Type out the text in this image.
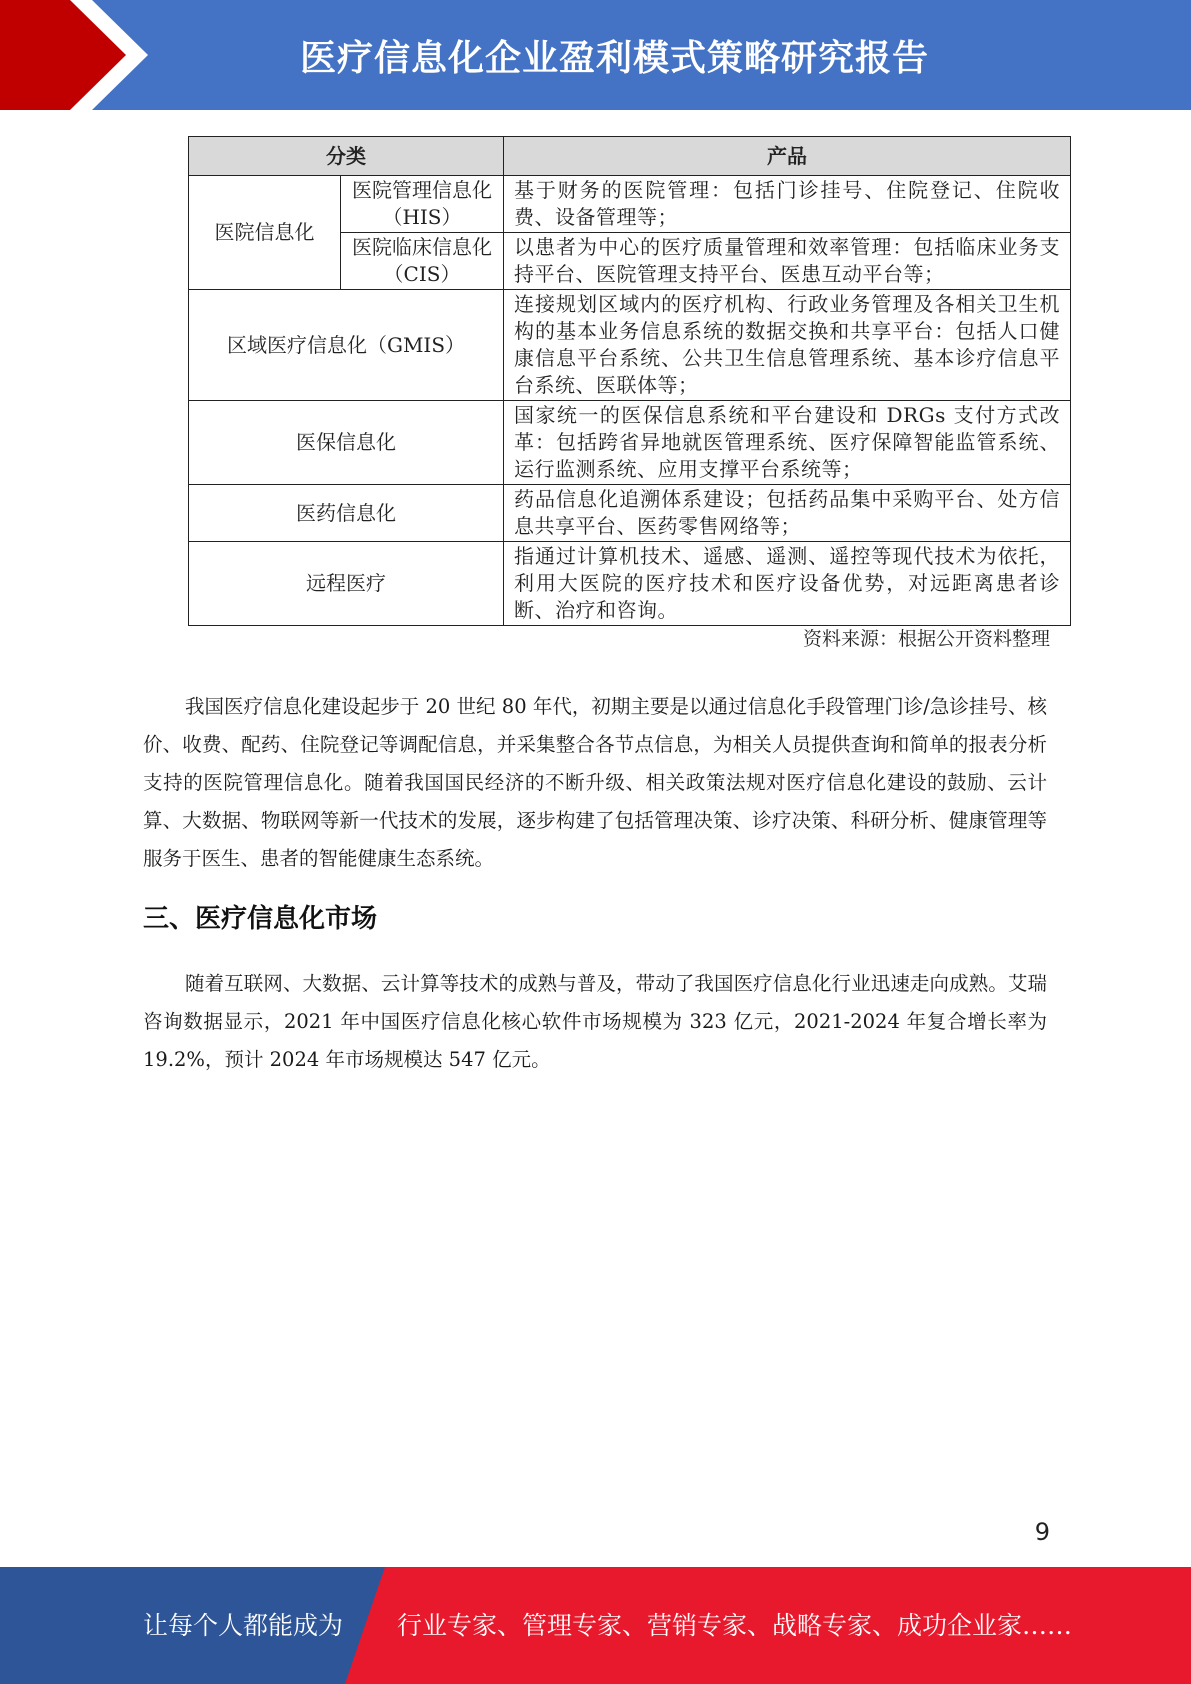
医疗信息化企业盈利模式策略研究报告
分类		产品
医院信息化	医院管理信息化（HIS）	基于财务的医院管理：包括门诊挂号、住院登记、住院收费、设备管理等；
	医院临床信息化（CIS）	以患者为中心的医疗质量管理和效率管理：包括临床业务支持平台、医院管理支持平台、医患互动平台等；
区域医疗信息化（GMIS）		连接规划区域内的医疗机构、行政业务管理及各相关卫生机构的基本业务信息系统的数据交换和共享平台：包括人口健康信息平台系统、公共卫生信息管理系统、基本诊疗信息平台系统、医联体等；
医保信息化		国家统一的医保信息系统和平台建设和 DRGs 支付方式改革：包括跨省异地就医管理系统、医疗保障智能监管系统、运行监测系统、应用支撑平台系统等；
医药信息化		药品信息化追溯体系建设；包括药品集中采购平台、处方信息共享平台、医药零售网络等；
远程医疗		指通过计算机技术、遥感、遥测、遥控等现代技术为依托，利用大医院的医疗技术和医疗设备优势，对远距离患者诊断、治疗和咨询。
资料来源：根据公开资料整理

我国医疗信息化建设起步于 20 世纪 80 年代，初期主要是以通过信息化手段管理门诊/急诊挂号、核价、收费、配药、住院登记等调配信息，并采集整合各节点信息，为相关人员提供查询和简单的报表分析支持的医院管理信息化。随着我国国民经济的不断升级、相关政策法规对医疗信息化建设的鼓励、云计算、大数据、物联网等新一代技术的发展，逐步构建了包括管理决策、诊疗决策、科研分析、健康管理等服务于医生、患者的智能健康生态系统。

三、医疗信息化市场

随着互联网、大数据、云计算等技术的成熟与普及，带动了我国医疗信息化行业迅速走向成熟。艾瑞咨询数据显示，2021 年中国医疗信息化核心软件市场规模为 323 亿元，2021-2024 年复合增长率为 19.2%，预计 2024 年市场规模达 547 亿元。

9
让每个人都能成为 行业专家、管理专家、营销专家、战略专家、成功企业家……
